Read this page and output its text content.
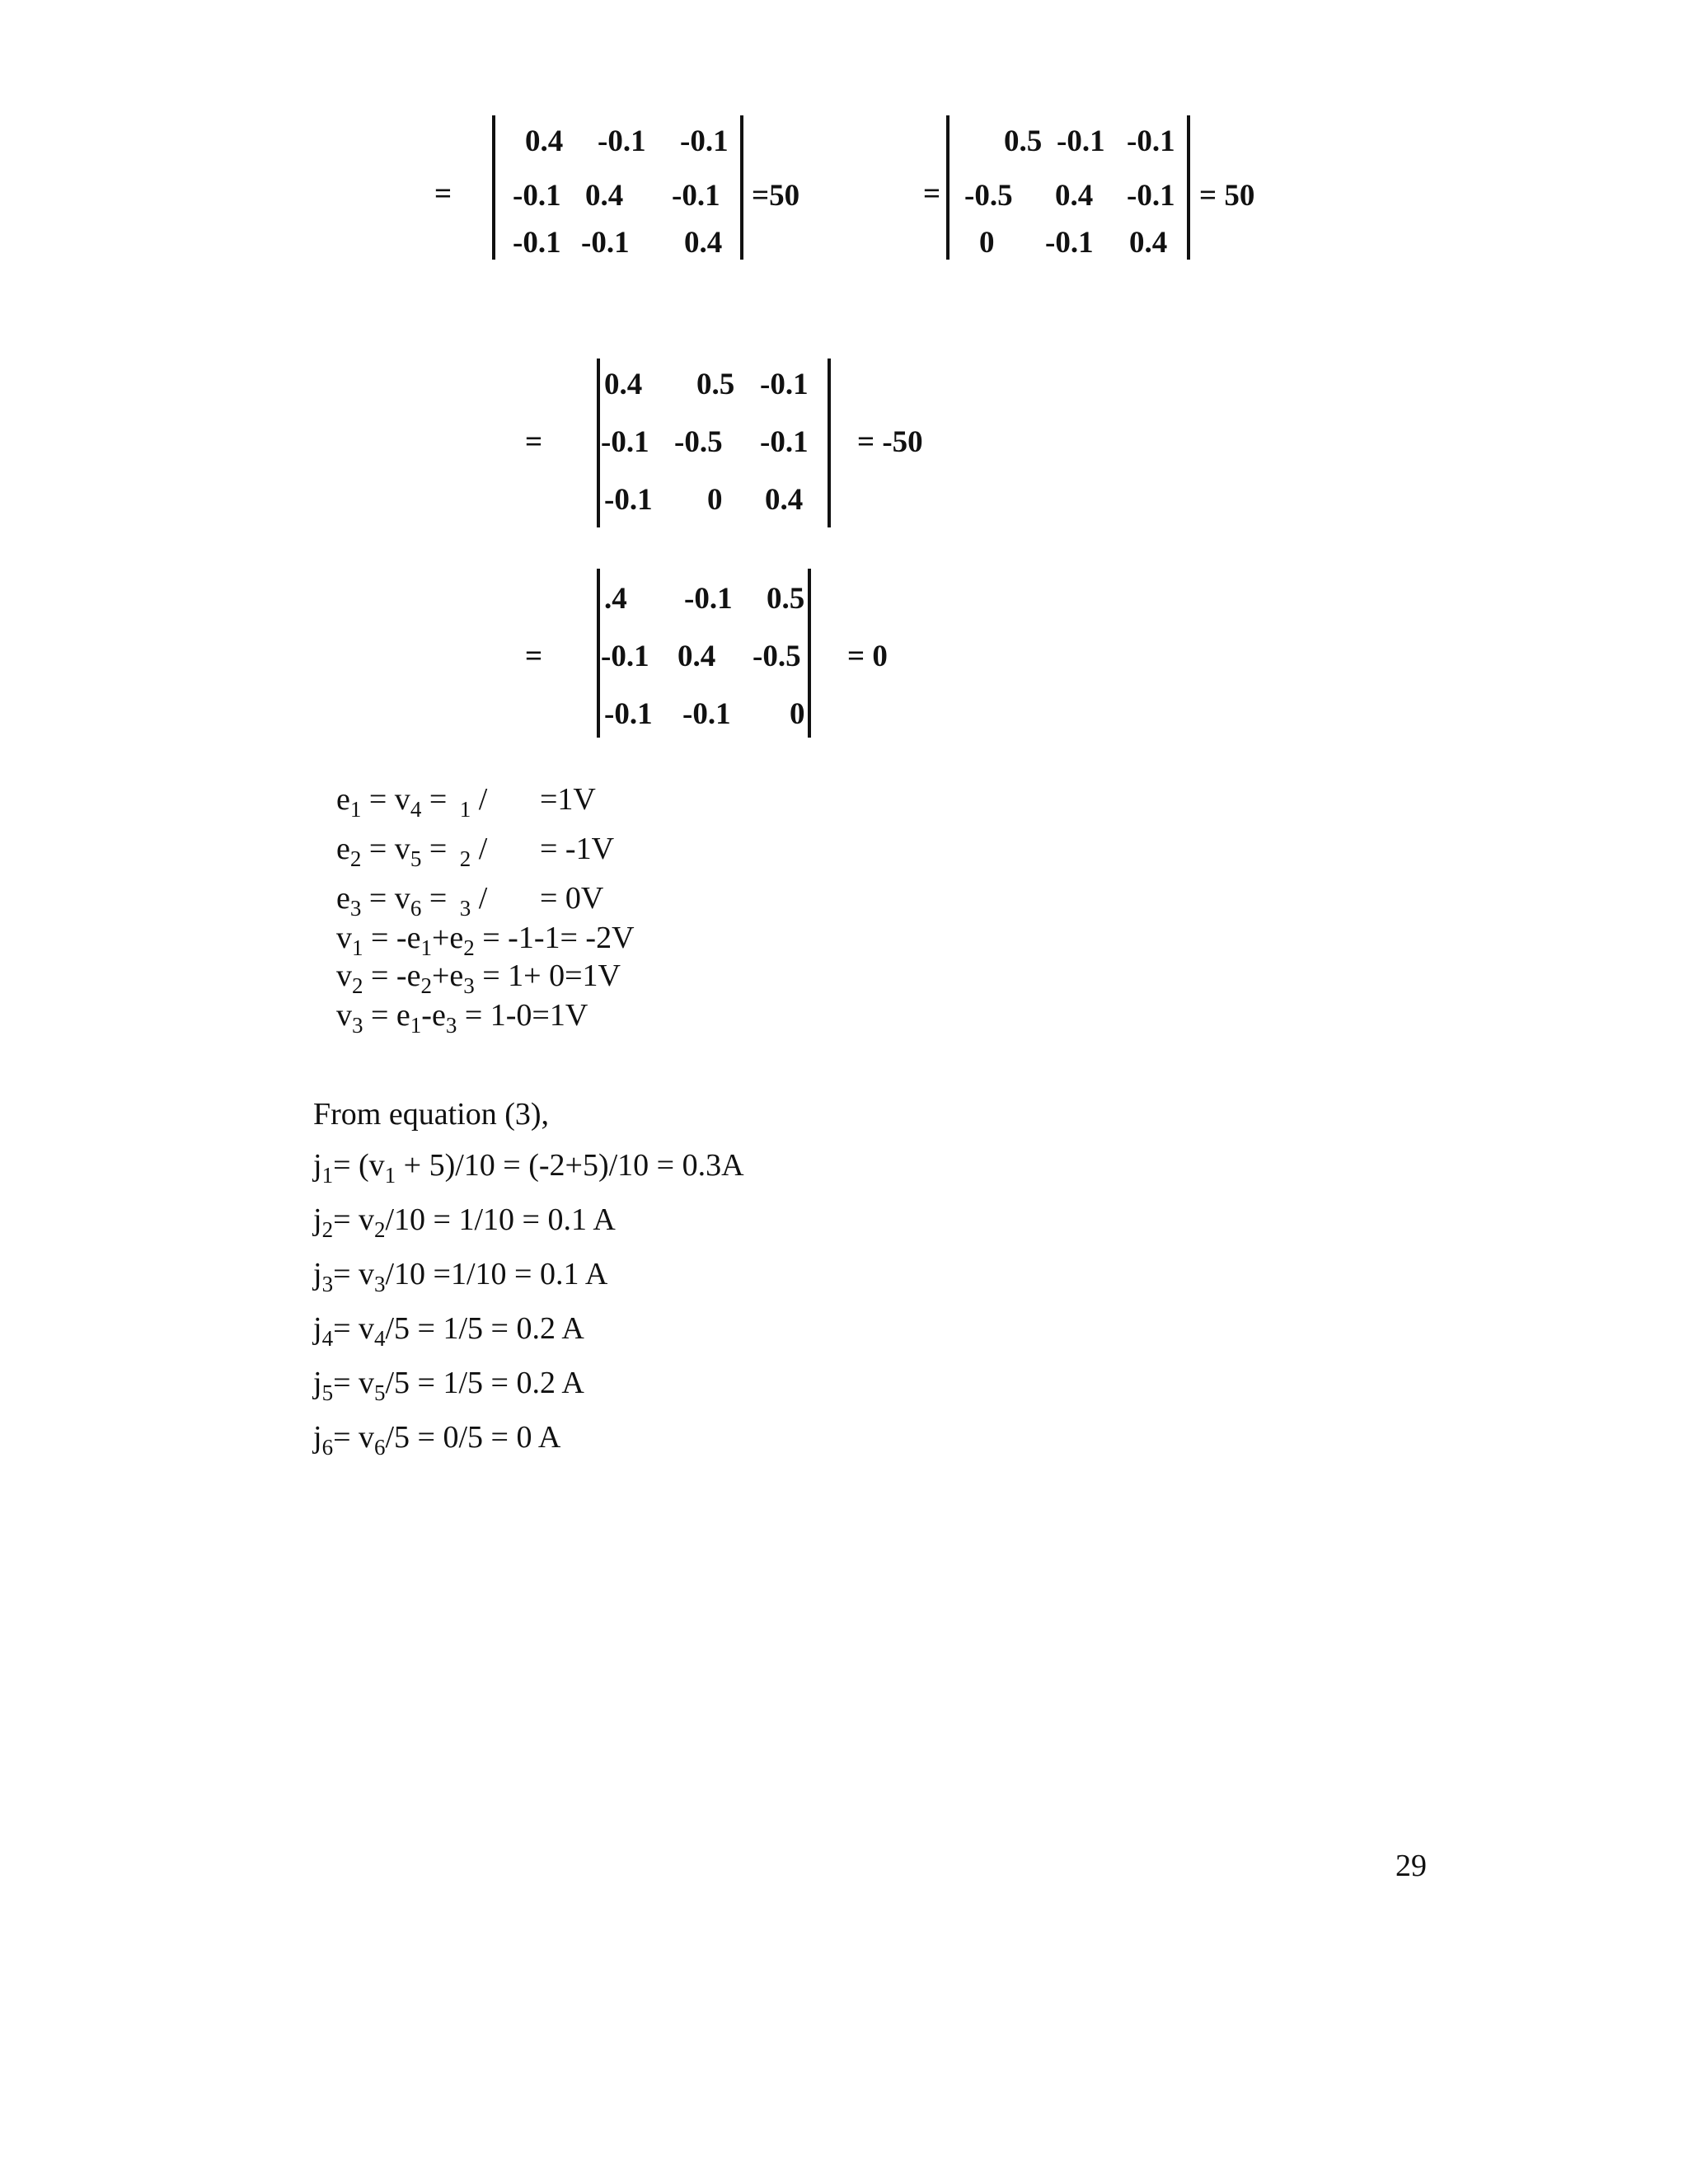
=
0.4 -0.1 -0.1
-0.1 0.4 -0.1
-0.1 -0.1 0.4
=50	=
0.5 -0.1 -0.1
-0.5 0.4 -0.1
0 -0.1 0.4
= 50
=
0.4 0.5 -0.1
-0.1 -0.5 -0.1
-0.1 0 0.4
= -50
=
.4 -0.1 0.5
-0.1 0.4 -0.5
-0.1 -0.1 0
= 0
$e_1 = v_4 = _1 / =1V$
$e_2 = v_5 = _2$ / = -1V
$e_3 = v_6 = _3$ / = 0V
$v_1 = -e_1+e_2 = -1-1= -2V$
$v_2 = -e_2+e_3 = 1+ 0=1V$
$v_3 = e_1-e_3 = 1-0=1V$
From equation (3),
$j_1= (v_1 + 5)/10 = (-2+5)/10 = 0.3A$
$j_2= v_2/10 = 1/10 = 0.1$ A
$j_3= v_3/10 =1/10 = 0.1$ A
$j_4= v_4/5 = 1/5 = 0.2$ A
$j_5= v_5/5 = 1/5 = 0.2$ A
$j_6= v_6/5 = 0/5 = 0$ A
29
